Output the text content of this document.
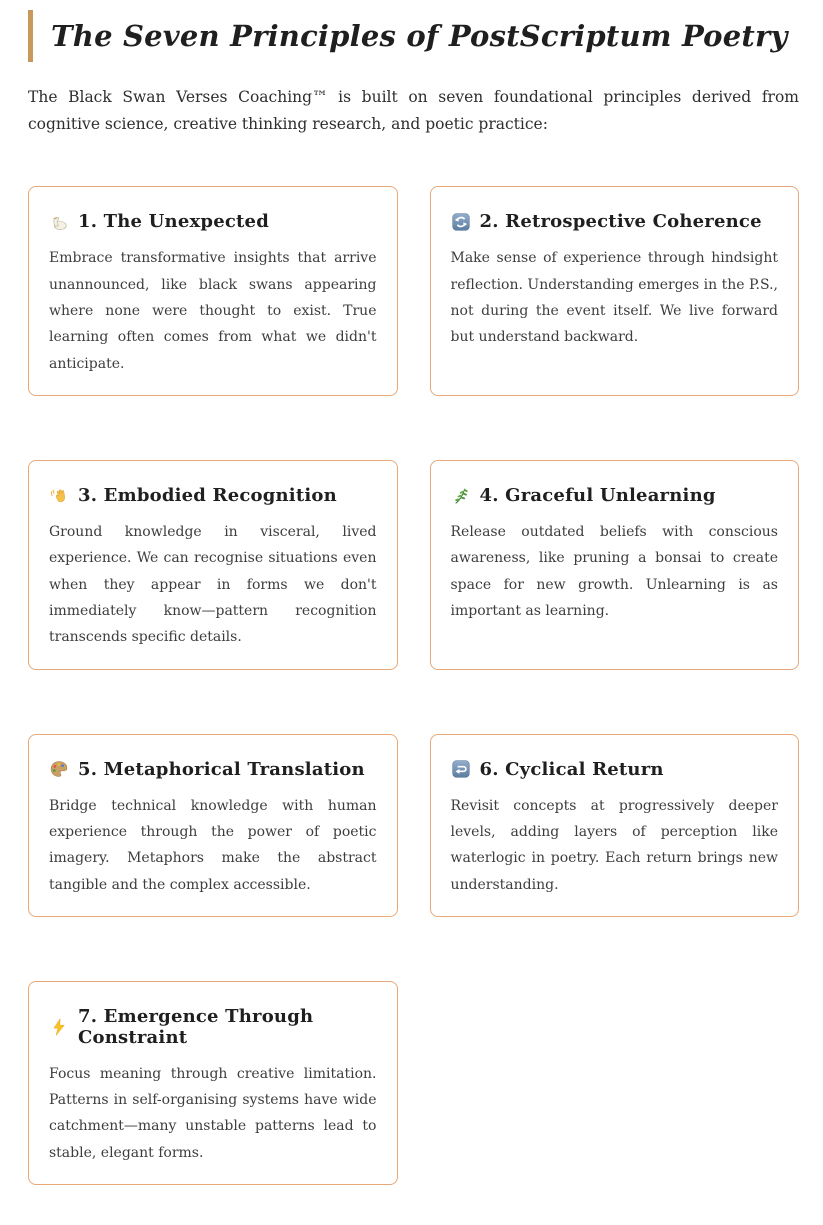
The Seven Principles of PostScriptum Poetry

The Black Swan Verses Coaching™ is built on seven foundational principles derived from cognitive science, creative thinking research, and poetic practice:

1. The Unexpected

Embrace transformative insights that arrive unannounced, like black swans appearing where none were thought to exist. True learning often comes from what we didn't anticipate.

2. Retrospective Coherence

Make sense of experience through hindsight reflection. Understanding emerges in the P.S., not during the event itself. We live forward but understand backward.

3. Embodied Recognition

Ground knowledge in visceral, lived experience. We can recognise situations even when they appear in forms we don't immediately know—pattern recognition transcends specific details.

4. Graceful Unlearning

Release outdated beliefs with conscious awareness, like pruning a bonsai to create space for new growth. Unlearning is as important as learning.

5. Metaphorical Translation

Bridge technical knowledge with human experience through the power of poetic imagery. Metaphors make the abstract tangible and the complex accessible.

6. Cyclical Return

Revisit concepts at progressively deeper levels, adding layers of perception like waterlogic in poetry. Each return brings new understanding.

7. Emergence Through Constraint

Focus meaning through creative limitation. Patterns in self-organising systems have wide catchment—many unstable patterns lead to stable, elegant forms.
